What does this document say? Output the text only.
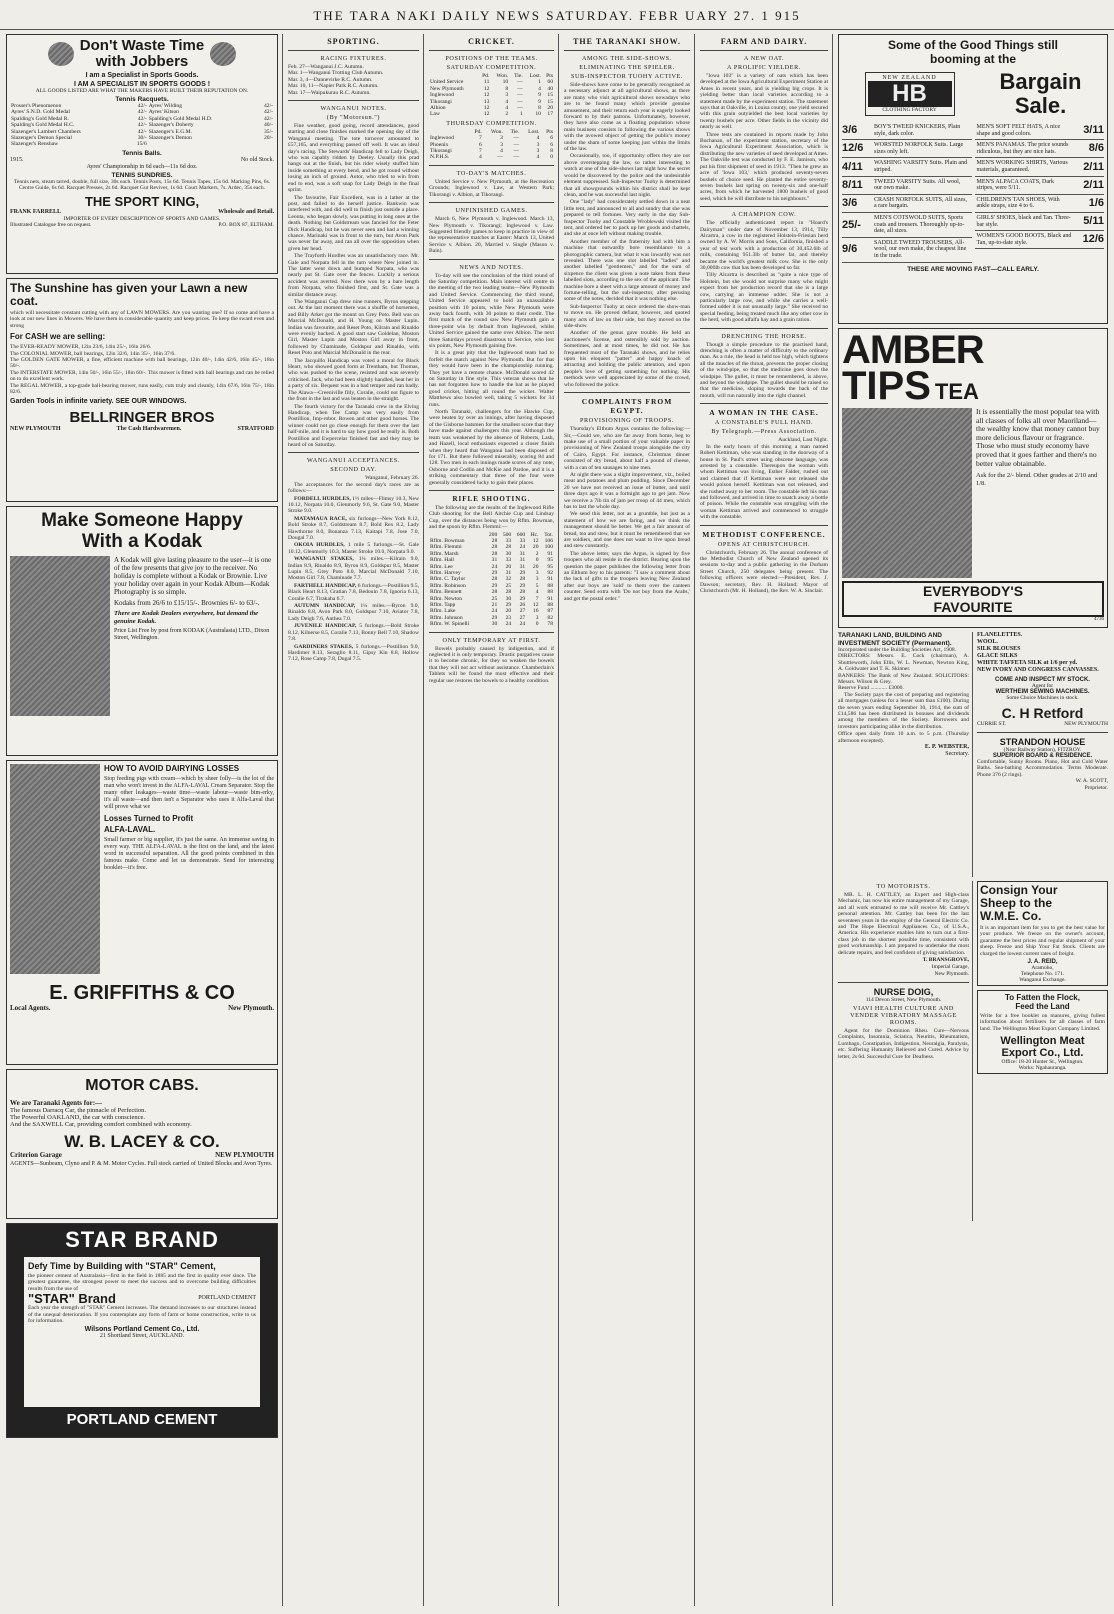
THE TARA NAKI DAILY NEWS SATURDAY. FEBR UARY 27. 1 915
Don't Waste Time
with Jobbers
I am a Specialist in Sports Goods.
I AM A SPECIALIST IN SPORTS GOODS !
ALL GOODS LISTED ARE WHAT THE MAKERS HAVE BUILT THEIR REPUTATION ON.
Tennis Racquets.
Prosser's Phenomenon	42/-	Ayres' Wilding	42/-
Ayres' S.N.D. Gold Medal	42/-	Ayres' Kitson	42/-
Spalding's Gold Medal R.	42/-	Spalding's Gold Medal H.D.	42/-
Spalding's Gold Medal H.C.	42/-	Slazenger's Doherty	40/-
Slazenger's Lambert Chambers	42/-	Slazenger's E.G.M.	35/-
Slazenger's Demon Special	30/-	Slazenger's Demon	20/-
Slazenger's Renshaw	15/6		
Tennis Balls.
1915.	No old Stock.
Ayres' Championship in 6d each—11s 6d doz.
TENNIS SUNDRIES.
Tennis nets, steam tarred, double, full size, 30s each. Tennis Posts, 15s 6d. Tennis Tapes, 15s 6d. Marking Pins, 6s. Centre Guide, 6s 6d. Racquet Presses, 2s 6d. Racquet Gut Reviver, 1s 6d. Court Markers, 7s. Ardec, 35s each.
THE SPORT KING,
FRANK FARRELL	Wholesale and Retail.
IMPORTER OF EVERY DESCRIPTION OF SPORTS AND GAMES.
Illustrated Catalogue free on request.	P.O. BOX 87, ELTHAM.
The Sunshine has given your Lawn a new coat.
which will necessitate constant cutting with any of LAWN MOWERS. Are you wanting one? If so come and have a look at our new lines in Mowers. We have them in considerable quantity and keep prices. To keep the sward even and strong
For CASH we are selling:
The EVER-READY MOWER, 12in 23/6, 14in 25/-, 16in 26/6.
The COLONIAL MOWER, ball bearings, 12in 32/6, 14in 35/-, 16in 37/6.
The GOLDEN GATE MOWER, a fine, efficient machine with ball bearings, 12in 40/-, 14in 42/6, 16in 45/-, 18in 50/-.
The INTERSTATE MOWER, 14in 50/-, 16in 55/-, 18in 60/-. This mower is fitted with ball bearings and can be relied on to do excellent work.
The REGAL MOWER, a top-grade ball-bearing mower, runs easily, cuts truly and cleanly, 14in 67/6, 16in 75/-, 18in 82/6.
Garden Tools in infinite variety. SEE OUR WINDOWS.
BELLRINGER BROS
NEW PLYMOUTH	The Cash Hardwaremen.	STRATFORD
Make Someone Happy
With a Kodak
A Kodak will give lasting pleasure to the user—it is one of the few presents that give joy to the receiver. No holiday is complete without a Kodak or Brownie. Live your holiday over again in your Kodak Album—Kodak Photography is so simple.
Kodaks from 26/6 to £15/15/-. Brownies 6/- to 63/-.
There are Kodak Dealers everywhere, but demand the genuine Kodak.
Price List Free by post from KODAK (Australasia) LTD., Dixon Street, Wellington.
HOW TO AVOID DAIRYING LOSSES
Stop feeding pigs with cream—which by sheer folly—is the lot of the man who won't invest in the ALFA-LAVAL Cream Separator. Stop the many other leakages—waste time—waste labour—waste bim-erky, it's all waste—and then isn't a Separator who uses it Alfa-Laval that will prove what we
Losses Turned to Profit
ALFA-LAVAL.
Small farmer or big supplier, it's just the same. An immense saving in every way. THE ALFA-LAVAL is the first on the land, and the latest word in successful separation. All the good points combined in this famous make. Come and let us demonstrate. Send for interesting booklet—it's free.
E. GRIFFITHS & CO
Local Agents.	New Plymouth.
MOTOR CABS.
We are Taranaki Agents for:—
The famous Darracq Car, the pinnacle of Perfection.
The Powerful OAKLAND, the car with conscience.
And the SAXWELL Car, providing comfort combined with economy.
W. B. LACEY & CO.
Criterion Garage	NEW PLYMOUTH
AGENTS—Sunbeam, Clyno and P. & M. Motor Cycles. Full stock carried of United Blocks and Avon Tyres.
STAR BRAND
Defy Time by Building with "STAR" Cement,
the pioneer cement of Australasia—first in the field in 1885 and the first in quality ever since. The greatest guarantee, the strongest power to meet the success and to overcome building difficulties results from the use of
"STAR" Brand	PORTLAND CEMENT
Each year the strength of "STAR" Cement increases. The demand increases to our structures instead of the unequal deterioration. If you contemplate any form of farm or home construction, write to us for information.
Wilsons Portland Cement Co., Ltd.
21 Shortland Street, AUCKLAND.
PORTLAND CEMENT
SPORTING.
RACING FIXTURES.
Feb. 27—Wanganui J.C. Autumn.
Mar. 1—Wanganui Trotting Club Autumn.
Mar. 3, 4—Dannevirke R.C. Autumn.
Mar. 10, 11—Napier Park R.C. Autumn.
Mar. 17—Waipukurau R.C. Autumn.
WANGANUI NOTES.
(By "Motorsun.")

Fine weather, good going, record attendances, good starting and close finishes marked the opening day of the Wanganui meeting. The tote turnover amounted to £57,165, and everything passed off well. It was an ideal day's racing. The Stewards' Handicap fell to Lady Deigh, who was capably ridden by Deeley. Usually this prad hangs out at the finish, but his rider wisely stuffed him inside something at every bend, and he got round without losing an inch of ground. Autor, who tried to win from end to end, was a soft snap for Lady Deigh in the final sprint.

The favourite, Fair Excellent, was in a lather at the post, and failed to do herself justice. Bankwin was interfered with, and did well to finish just outside a place. Leonta, who began slowly, was putting in long ones at the death. Nothing but Goldstream was fancied for the Feter Dick Handicap, but he was never seen and had a winning chance. Marinaki was in front to the turn, but Avon Park was never far away, and ran all over the opposition when given her head.

The Trayforth Hurdles was an unsatisfactory race. Mr. Gale and Norpata fell in the turn where New joined in. The latter went down and bumped Norpata, who was nearly put St. Gate over the fences. Luckily a serious accident was averted. Now there won by a bare length from Norpata, who finished first, and St. Gate was a similar distance away.

The Wanganui Cup drew nine runners, Byron stepping out. At the last moment there was a shuffle of horsemen, and Billy Arker got the mount on Grey Poto. Bell was on Marcial McDonald, and H. Young on Master Lupin. Indian was favourite, and Reset Poto, Kilrain and Rinaldo were evenly backed. A good start saw Goldelan, Moston Girl, Master Lupin and Moston Girl away in front, followed by Chaminade, Goldspur and Rinaldo, with Reset Poto and Marcial McDonald in the rear.

The Jacquillo Handicap was voted a moral for Black Heart, who showed good form at Trentham, but Thomas, who was pushed to the scene, resisted and was severely criticised. Jack, who had been slightly handled, beat her in a party of six. Bequest was in a bad temper and ran badly. The Alawa—Creeniville filly, Coralie, could not figure to the front in the last and was beaten in the straight.

The fourth victory for the Taranaki crew in the Elving Handicap, when Tee Camp was very easily from Postillion, Imp-robor. Rowen and other good horses. The winner could not go close enough for them over the last half-mile, and it is hard to say how good he really is. Both Postillion and Ewpercelar finished fast and they may be heard of on Saturday.

WANGANUI ACCEPTANCES.
SECOND DAY.
Wanganui, February 26.

The acceptances for the second day's races are as follows:—

FORDELL HURDLES, 1½ miles—Flimsy 10.3, New 10.12, Norpata 10.0, Glenmorly 9.6, St. Gate 9.0, Master Stroke 9.0.

MATAMAUA RACE, six furlongs—New York 8.12, Bold Stroke 8.7, Goldstream 8.7, Bold Rex 8.2, Lady Hawthorne 8.0, Bonanza 7.13, Kaitapi 7.8, Jose 7.0, Dougal 7.0.

OKOIA HURDLES, 1 mile 5 furlongs.—St. Gale 10.12, Glenmorly 10.3, Master Stroke 10.0, Norpata 9.0.

WANGANUI STAKES, 1¼ miles.—Kilrain 9.0, Indian 8.9, Rinaldo 8.9, Byron 8.9, Goldspur 8.5, Master Lupin 8.5, Grey Poto 8.0, Marcial McDonald 7.10, Moston Girl 7.8, Chaminade 7.7.

FARTHELL HANDICAP, 6 furlongs.—Postillion 9.5, Black Heart 8.13, Gratian 7.8, Bedouin 7.8, Ignoria 6.13, Coralie 6.7, Tirakaha 6.7.

AUTUMN HANDICAP, 1¼ miles.—Byron 9.0, Rinaldo 8.8, Avon Park 8.0, Goldspur 7.10, Aviator 7.8, Lady Deigh 7.6, Anthea 7.0.

JUVENILE HANDICAP, 5 furlongs.—Bold Stroke 8.12, Kilnerse 8.5, Coralie 7.13, Bonny Bell 7.10, Shadow 7.8.

GARDINERS STAKES, 5 furlongs.—Postillion 9.0, Hardimer 8.13, Seraglio 8.11, Gipsy Kin 8.8, Hollow 7.12, Rose Camp 7.8, Dugal 7.5.

CRICKET.
POSITIONS OF THE TEAMS.
SATURDAY COMPETITION.
	Pd.	Won.	Tie.	Lost.	Pts
United Service	11	10	—	1	60
New Plymouth	12	8	—	4	40
Inglewood	12	3	—	9	15
Tikorangi	13	4	—	9	15
Albion	12	4	—	8	20
Law	12	2	1	10	17
THURSDAY COMPETITION.
	Pd.	Won.	Tie.	Lost.	Pts
Inglewood	7	3	—	4	6
Phoenix	6	3	—	3	6
Tikorangi	7	4	—	3	8
N.P.H.S.	4	—	—	4	0
TO-DAY'S MATCHES.

United Service v. New Plymouth, at the Recreation Grounds; Inglewood v. Law, at Western Park; Tikorangi v. Albion, at Tikorangi.

UNFINISHED GAMES.

March 6, New Plymouth v. Inglewood. March 13, New Plymouth v. Tikorangi; Inglewood v. Law. Suggested friendly games to keep in practice in view of the representative matches at Easter: March 13, United Service v. Albion. 20, Married v. Single (Mason v. Bain).

NEWS AND NOTES.

To-day will see the conclusion of the third round of the Saturday competition. Main interest will centre in the meeting of the two leading teams—New Plymouth and United Service. Commencing the third round, United Service appeared to hold an unassailable position with 10 points, while New Plymouth were away back fourth, with 30 points to their credit. The first match of the round saw New Plymouth gain a three-point win by default from Inglewood, whilst United Service gained the same over Albion. The next three Saturdays proved disastrous to Service, who lost six points, New Plymouth gaining five.

It is a great pity that the Inglewood team had to forfeit the match against New Plymouth. But for that they would have been in the championship running. They yet have a remote chance. McDonald scored 42 on Saturday in fine style. This veteran shows that he has not forgotten how to handle the bat as he played good cricket, hitting all round the wicket. Walter Matthews also bowled well, taking 5 wickets for 34 runs.

North Taranaki, challengers for the Hawke Cup, were beaten by over an innings, after having disposed of the Gisborne batsmen for the smallest score that they have made against challengers this year. Although the team was weakened by the absence of Roberts, Lash, and Hazell, local enthusiasts expected a closer finish when they heard that Wanganui had been disposed of for 171. But there followed miserably, scoring 84 and 128. Two men in each innings made scores of any note, Osborne and Codlin and McKie and Pardoe, and it is a striking commentary that three of the four were generally considered lucky to gain their places.

RIFLE SHOOTING.

The following are the results of the Inglewood Rifle Club shooting for the Bell Aitchie Cup and Lindsay Cup, over the distances being won by Rflm. Bowman, and the spoon by Rflm. Flemmi:—

	200	500	600	Hc.	Tot.
Rflm. Bowman	28	33	33	12	106
Rflm. Flemmi	28	28	24	20	100
Rflm. Marsh	28	30	31	2	91
Rflm. Hall	31	33	31	0	95
Rflm. Lee	24	20	31	20	95
Rflm. Harvey	29	31	29	3	92
Rflm. C. Taylor	28	32	28	3	91
Rflm. Robinson	29	25	29	5	88
Rflm. Bennett	28	28	28	4	88
Rflm. Newton	25	30	29	7	91
Rflm. Tapp	21	29	26	12	88
Rflm. Lake	24	20	27	16	87
Rflm. Johnson	29	23	27	3	82
Rflm. W. Spinelli	30	24	24	0	78
ONLY TEMPORARY AT FIRST.

Bowels probably caused by indigestion, and if neglected it is only temporary. Drastic purgatives cause it to become chronic, for they so weaken the bowels that they will not act without assistance. Chamberlain's Tablets will be found the most effective and their regular use restores the bowels to a healthy condition.

THE TARANAKI SHOW.
AMONG THE SIDE-SHOWS.
ELIMINATING THE SPIELER.
SUB-INSPECTOR TUOHY ACTIVE.

Side-shows have come to be generally recognised as a necessary adjunct at all agricultural shows, as there are many who visit agricultural shows nowadays who are to be found many which provide genuine amusement, and their return each year is eagerly looked forward to by their patrons. Unfortunately, however, they have also come as a floating population whose main business consists in following the various shows with the avowed object of getting the public's money under the sham of some keeping just within the limits of the law.

Occasionally, too, if opportunity offers they are not above overstepping the law, so rather interesting to watch at one of the side-shows last night how the secret would be discovered by the police and the undesirable element suppressed. Sub-Inspector Tuohy is determined that all showgrounds within his district shall be kept clean, and he was successful last night.

One "lady" had considerately settled down in a neat little tent, and announced to all and sundry that she was prepared to tell fortunes. Very early in the day Sub-Inspector Tuohy and Constable Wroblewski visited the tent, and ordered her to pack up her goods and chattels, and she at once left without making trouble.

Another member of the fraternity had with him a machine that outwardly bore resemblance to a photographic camera, but what it was inwardly was not revealed. There was one slot labelled "ladies" and another labelled "gentlemen," and for the sum of sixpence the client was given a note taken from these labelled slots, according to the sex of the applicant. The machine bore a sheet with a large amount of money and fortune-telling, but the sub-inspector, after perusing some of the notes, decided that it was nothing else.

Sub-Inspector Tuohy at once ordered the show-man to move on. He proved defiant, however, and quoted many acts of law on their side, but they moved on the side-show.

Another of the genus gave trouble. He held an auctioneer's license, and ostensibly sold by auction. Sometimes, and at most times, he did not. He has frequented most of the Taranaki shows, and he relies upon his eloquent "patter" and happy knack of attracting and holding the public attention, and upon people's love of getting something for nothing. His methods were well appreciated by some of the crowd, who followed the police.

COMPLAINTS FROM EGYPT.
PROVISIONING OF TROOPS.

Thursday's Elthum Argus contains the following:—Sir,—Could we, who are far away from home, beg to make use of a small portion of your valuable paper in provisioning of New Zealand troops alongside the city of Cairo, Egypt. For instance, Christmas dinner consisted of dry bread, about half a pound of cheese, with a can of ten sausages to nine men.

At night there was a slight improvement, viz., boiled meat and potatoes and plum pudding. Since December 20 we have not received an issue of butter, and until three days ago it was a fortnight ago to get jam. Now we receive a 7lb tin of jam per troop of 44 men, which has to last the whole day.

We send this letter, not as a grumble, but just as a statement of how we are faring, and we think the management should be better. We get a fair amount of bread, tea and stew, but it must be remembered that we are soldiers, and one does not want to live upon bread and stew constantly.

The above letter, says the Argus, is signed by five troopers who all reside in the district. Bearing upon the question the paper publishes the following letter from an Elthum boy to his parents: "I saw a comment about the lack of gifts to the troopers leaving New Zealand after our boys are 'sold' to them over the canteen counter. Send extra with 'Do not buy from the Arabs,' and get the postal order."

FARM AND DAIRY.
A NEW OAT.
A PROLIFIC YIELDER.

"Iowa 103" is a variety of oats which has been developed at the Iowa Agricultural Experiment Station at Ames in recent years, and is yielding big crops. It is yielding better than local varieties according to a statement made by the experiment station. The statement says that at Oakville, in Louisa county, one yield secured with this grain outyielded the best local varieties by twenty bushels per acre. Other fields in the vicinity did nearly as well.

Three tests are contained in reports made by John Buchanan, of the experiment station, secretary of the Iowa Agricultural Experiment Association, which is distributing the new varieties of seed developed at Ames. The Oakville test was conducted by F. E. Jamison, who put his first shipment of seed in 1913. "Then he grew an acre of 'Iowa 103,' which produced seventy-seven bushels of choice seed. He planted the entire seventy-seven bushels last spring on twenty-six and one-half acres, from which he harvested 1800 bushels of good seed, which he will distribute to his neighbours."

A CHAMPION COW.

The officially authenticated report in "Hoard's Dairyman" under date of November 13, 1914, Tilly Alcartra, a cow in the registered Holstein-Friesian herd owned by A. W. Morris and Sons, California, finished a year of test work with a production of 30,452.6lb of milk, containing 951.3lb of butter fat, and thereby became the world's greatest milk cow. She is the only 30,000lb cow that has been developed so far.

Tilly Alcartra is described as "quite a nice type of Holstein, but she would not surprise many who might expect from her production record that she is a large cow, carrying an immense udder. She is not a particularly large cow, and while she carries a well-formed udder it is not unusually large." She received no special feeding, being treated much like any other cow in the herd, with good alfalfa hay and a grain ration.

DRENCHING THE HORSE.

Though a simple procedure to the practised hand, drenching is often a matter of difficulty to the ordinary man. As a rule, the head is held too high, which tightens all the muscles of the throat, prevents the proper closing of the wind-pipe, so that the medicine goes down the windpipe. The gullet, it must be remembered, is above, and beyond the windpipe. The gullet should be raised so that the medicine, sloping towards the back of the mouth, will run naturally into the right channel.

A WOMAN IN THE CASE.
A CONSTABLE'S FULL HAND.
By Telegraph.—Press Association.
Auckland, Last Night.

In the early hours of this morning a man named Robert Kettiman, who was standing in the doorway of a house in St. Paul's street using obscene language, was arrested by a constable. Thereupon the woman with whom Kettiman was living, Esther Falder, rushed out and claimed that if Kettiman were not released she would poison herself. Kettiman was not released, and she rushed away to her room. The constable left his man and followed, and arrived in time to snatch away a bottle of poison. While the constable was struggling with the woman Kettiman arrived and commenced to struggle with the constable.

METHODIST CONFERENCE.
OPENS AT CHRISTCHURCH.

Christchurch, February 26. The annual conference of the Methodist Church of New Zealand opened its sessions to-day and a public gathering in the Durham Street Church, 250 delegates being present. The following officers were elected:—President, Rev. J. Dawson; secretary, Rev. H. Holland; Mayor of Christchurch (Mr. H. Holland), the Rev. W. A. Sinclair.

Some of the Good Things still
booming at the
NEW ZEALAND
HB
CLOTHING FACTORY
Bargain
Sale.
3/6	BOY'S TWEED KNICKERS, Plain style, dark color.
12/6	WORSTED NORFOLK Suits. Large sizes only left.
4/11	WASHING VARSITY Suits. Plain and striped.
8/11	TWEED VARSITY Suits. All wool, our own make.
3/6	CRASH NORFOLK SUITS, All sizes, a rare bargain.
25/-
MEN'S COTSWOLD SUITS, Sports coats and trousers. Thoroughly up-to-date, all sizes.
9/6
SADDLE TWEED TROUSERS, All-wool, our own make, the cheapest line in the trade.
MEN'S SOFT FELT HATS, A nice shape and good colors.	3/11
MEN'S PANAMAS. The price sounds ridiculous, but they are nice hats.	8/6
MEN'S WORKING SHIRTS, Various materials, guaranteed.	2/11
MEN'S ALPACA COATS, Dark stripes, were 5/11.	2/11
CHILDREN'S TAN SHOES, With ankle straps, size 4 to 6.	1/6
GIRLS' SHOES, black and Tan. Three-bar style.	5/11
WOMEN'S GOOD BOOTS, Black and Tan, up-to-date style.	12/6
THESE ARE MOVING FAST—CALL EARLY.
AMBER
TIPS TEA
It is essentially the most popular tea with all classes of folks all over Maoriland—the wealthy know that money cannot buy more delicious flavour or fragrance. Those who must study economy have proved that it goes farther and there's no better value obtainable.
Ask for the 2/- blend. Other grades at 2/10 and 1/8.
EVERYBODY'S
FAVOURITE
4736
TARANAKI LAND, BUILDING AND INVESTMENT SOCIETY (Permanent).
Incorporated under the Building Societies Act, 1908.
DIRECTORS: Messrs. E. Cock (chairman), A. Shuttleworth, John Ellis, W. L. Newman, Newton King, A. Goldwater and T. K. Skinner.
BANKERS: The Bank of New Zealand. SOLICITORS: Messrs. Wilson & Grey.
Reserve Fund ............ £3000.

The Society pays the cost of preparing and registering all mortgages (unless for a lesser sum than £100). During the seven years ending September 30, 1914, the sum of £14,586 has been distributed in bonuses and dividends among the members of the Society. Borrowers and investors participating alike in the distribution.

Office open daily from 10 a.m. to 5 p.m. (Thursday afternoon excepted).
E. P. WEBSTER,
Secretary.
FLANELETTES.
WOOL.
SILK BLOUSES
GLACE SILKS
WHITE TAFFETA SILK at 1/6 per yd.
NEW IVORY AND CONGRESS CANVASSES.
COME AND INSPECT MY STOCK.
Agent for
WERTHEIM SEWING MACHINES.
Some Choice Machines in stock.
C. H Retford
CURRIE ST.	NEW PLYMOUTH
STRANDON HOUSE
(Near Railway Station), FITZROY.
SUPERIOR BOARD & RESIDENCE.
Comfortable, Sunny Rooms. Piano, Hot and Cold Water Baths. Sea-bathing Accommodation. Terms Moderate. Phone 376 (2 rings).
W. A. SCOTT,
Proprietor.
TO MOTORISTS.

MR. L. H. CATTLEY, an Expert and High-class Mechanic, has now his entire management of my Garage, and all work entrusted to me will receive Mr. Cattley's personal attention. Mr. Cattley has been for the last seventeen years in the employ of the General Electric Co. and The Hope Electrical Appliances Co., of U.S.A., America. His experience enables him to turn out a first-class job in the shortest possible time, consistent with good workmanship. I am prepared to undertake the most delicate repairs, and feel confident of giving satisfaction.

T. BRANSGROVE,
Imperial Garage,
New Plymouth.
NURSE DOIG,
114 Devon Street, New Plymouth.
VIAVI HEALTH CULTURE AND VENDER VIBRATORY MASSAGE ROOMS.

Agent for the Dominion Rheu. Cure—Nervous Complaints, Insomnia, Sciatica, Neuritis, Rheumatism, Lumbago, Constipation, Indigestion, Neuralgia, Paralysis, etc. Suffering Humanity Relieved and Cured. Advice by letter, 2s 6d. Successful Cure for Deafness.

Consign Your
Sheep to the
W.M.E. Co.
It is an important item for you to get the best value for your produce. We freeze on the owner's account, guarantee the best prices and regular shipment of your sheep. Freeze and Ship Your Fat Stock. Clients are charged the lowest current rates of freight.
J. A. REID,
Aramoho,
Telephone No. 171.
Wanganui Exchange.
To Fatten the Flock,
Feed the Land
Write for a free booklet on manures, giving fullest information about fertilisers for all classes of farm land. The Wellington Meat Export Company Limited.
Wellington Meat
Export Co., Ltd.
Office: 18-20 Hunter St., Wellington.
Works: Ngahauranga.
